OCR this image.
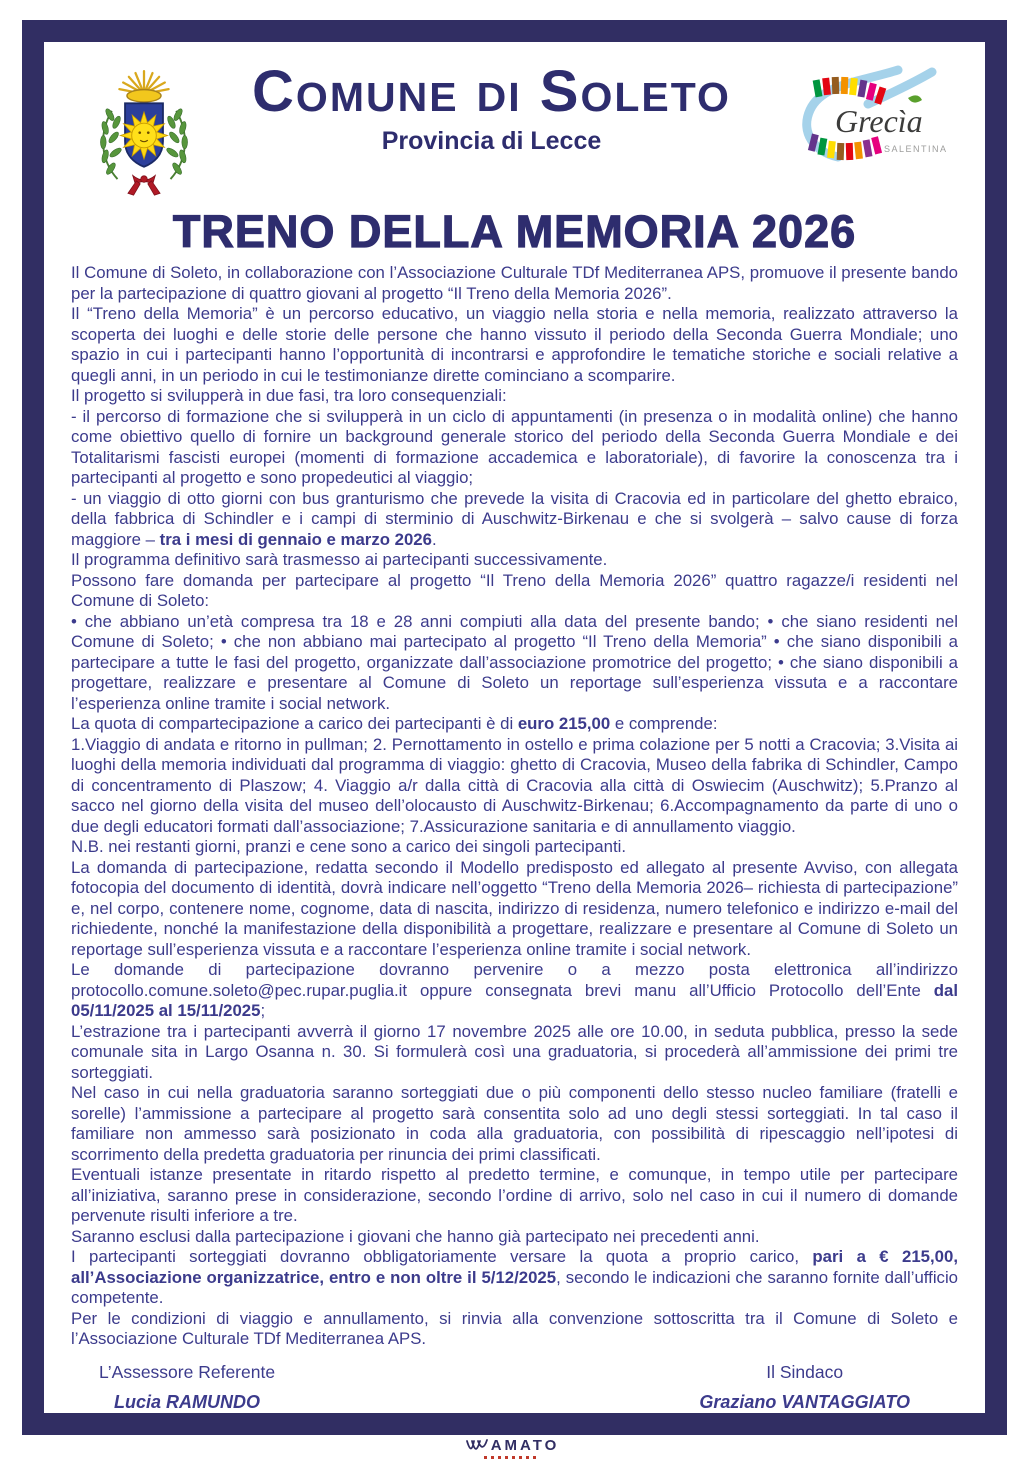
Comune di Soleto
Provincia di Lecce
Grecìa
SALENTINA
TRENO DELLA MEMORIA 2026

Il Comune di Soleto, in collaborazione con l’Associazione Culturale TDf Mediterranea APS, promuove il presente bando per la partecipazione di quattro giovani al progetto “Il Treno della Memoria 2026”.

Il “Treno della Memoria” è un percorso educativo, un viaggio nella storia e nella memoria, realizzato attraverso la scoperta dei luoghi e delle storie delle persone che hanno vissuto il periodo della Seconda Guerra Mondiale; uno spazio in cui i partecipanti hanno l’opportunità di incontrarsi e approfondire le tematiche storiche e sociali relative a quegli anni, in un periodo in cui le testimonianze dirette cominciano a scomparire.

Il progetto si svilupperà in due fasi, tra loro consequenziali:

- il percorso di formazione che si svilupperà in un ciclo di appuntamenti (in presenza o in modalità online) che hanno come obiettivo quello di fornire un background generale storico del periodo della Seconda Guerra Mondiale e dei Totalitarismi fascisti europei (momenti di formazione accademica e laboratoriale), di favorire la conoscenza tra i partecipanti al progetto e sono propedeutici al viaggio;

- un viaggio di otto giorni con bus granturismo che prevede la visita di Cracovia ed in particolare del ghetto ebraico, della fabbrica di Schindler e i campi di sterminio di Auschwitz-Birkenau e che si svolgerà – salvo cause di forza maggiore – tra i mesi di gennaio e marzo 2026.

Il programma definitivo sarà trasmesso ai partecipanti successivamente.

Possono fare domanda per partecipare al progetto “Il Treno della Memoria 2026” quattro ragazze/i residenti nel Comune di Soleto:

• che abbiano un’età compresa tra 18 e 28 anni compiuti alla data del presente bando; • che siano residenti nel Comune di Soleto; • che non abbiano mai partecipato al progetto “Il Treno della Memoria” • che siano disponibili a partecipare a tutte le fasi del progetto, organizzate dall’associazione promotrice del progetto; • che siano disponibili a progettare, realizzare e presentare al Comune di Soleto un reportage sull’esperienza vissuta e a raccontare l’esperienza online tramite i social network.

La quota di compartecipazione a carico dei partecipanti è di euro 215,00 e comprende:

1.Viaggio di andata e ritorno in pullman; 2. Pernottamento in ostello e prima colazione per 5 notti a Cracovia; 3.Visita ai luoghi della memoria individuati dal programma di viaggio: ghetto di Cracovia, Museo della fabrika di Schindler, Campo di concentramento di Plaszow; 4. Viaggio a/r dalla città di Cracovia alla città di Oswiecim (Auschwitz); 5.Pranzo al sacco nel giorno della visita del museo dell’olocausto di Auschwitz-Birkenau; 6.Accompagnamento da parte di uno o due degli educatori formati dall’associazione; 7.Assicurazione sanitaria e di annullamento viaggio.

N.B. nei restanti giorni, pranzi e cene sono a carico dei singoli partecipanti.

La domanda di partecipazione, redatta secondo il Modello predisposto ed allegato al presente Avviso, con allegata fotocopia del documento di identità, dovrà indicare nell’oggetto “Treno della Memoria 2026– richiesta di partecipazione” e, nel corpo, contenere nome, cognome, data di nascita, indirizzo di residenza, numero telefonico e indirizzo e-mail del richiedente, nonché la manifestazione della disponibilità a progettare, realizzare e presentare al Comune di Soleto un reportage sull’esperienza vissuta e a raccontare l’esperienza online tramite i social network.

Le domande di partecipazione dovranno pervenire o a mezzo posta elettronica all’indirizzo protocollo.comune.soleto@pec.rupar.puglia.it oppure consegnata brevi manu all’Ufficio Protocollo dell’Ente dal 05/11/2025 al 15/11/2025;

L’estrazione tra i partecipanti avverrà il giorno 17 novembre 2025 alle ore 10.00, in seduta pubblica, presso la sede comunale sita in Largo Osanna n. 30. Si formulerà così una graduatoria, si procederà all’ammissione dei primi tre sorteggiati.

Nel caso in cui nella graduatoria saranno sorteggiati due o più componenti dello stesso nucleo familiare (fratelli e sorelle) l’ammissione a partecipare al progetto sarà consentita solo ad uno degli stessi sorteggiati. In tal caso il familiare non ammesso sarà posizionato in coda alla graduatoria, con possibilità di ripescaggio nell’ipotesi di scorrimento della predetta graduatoria per rinuncia dei primi classificati.

Eventuali istanze presentate in ritardo rispetto al predetto termine, e comunque, in tempo utile per partecipare all’iniziativa, saranno prese in considerazione, secondo l’ordine di arrivo, solo nel caso in cui il numero di domande pervenute risulti inferiore a tre.

Saranno esclusi dalla partecipazione i giovani che hanno già partecipato nei precedenti anni.

I partecipanti sorteggiati dovranno obbligatoriamente versare la quota a proprio carico, pari a € 215,00, all’Associazione organizzatrice, entro e non oltre il 5/12/2025, secondo le indicazioni che saranno fornite dall’ufficio competente.

Per le condizioni di viaggio e annullamento, si rinvia alla convenzione sottoscritta tra il Comune di Soleto e l’Associazione Culturale TDf Mediterranea APS.

L’Assessore Referente
Lucia RAMUNDO
Il Sindaco
Graziano VANTAGGIATO
AMATO
